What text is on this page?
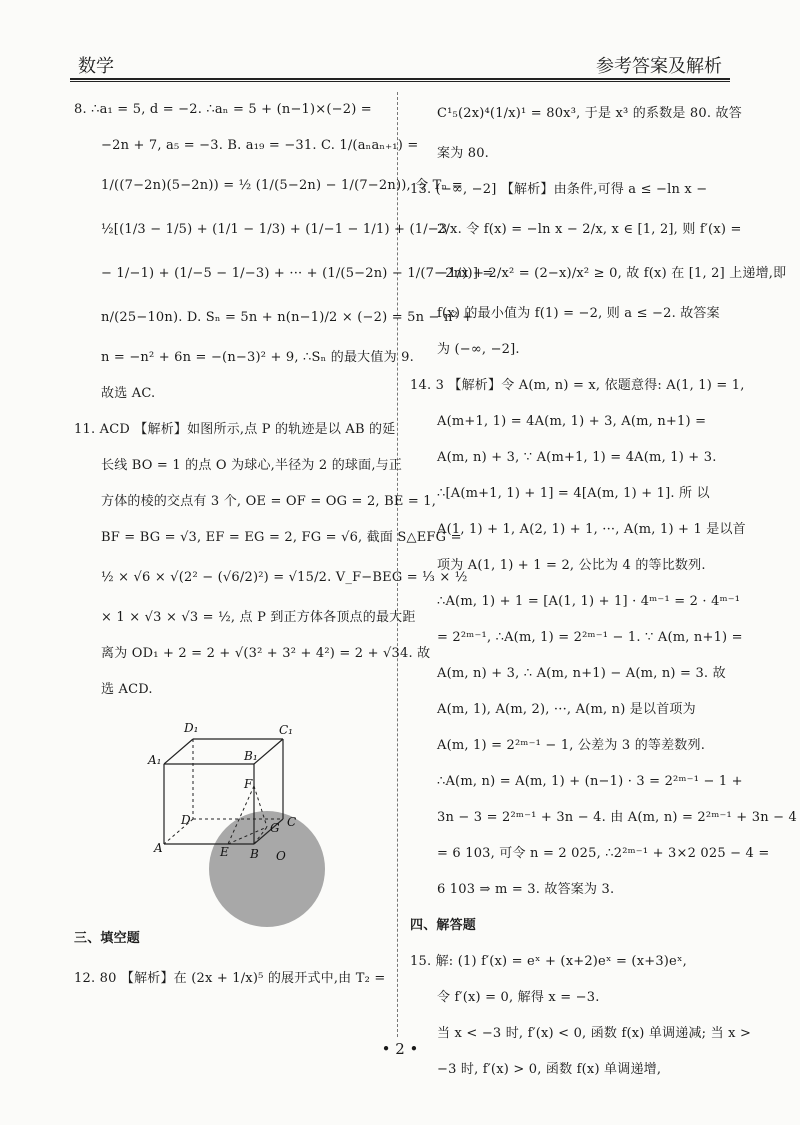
数学	参考答案及解析
8. ∴a₁ = 5, d = −2. ∴aₙ = 5 + (n−1)×(−2) =
−2n + 7, a₅ = −3. B. a₁₉ = −31. C. 1/(aₙaₙ₊₁) =
1/((7−2n)(5−2n)) = ½ (1/(5−2n) − 1/(7−2n)), 令 Tₙ =
½[(1/3 − 1/5) + (1/1 − 1/3) + (1/−1 − 1/1) + (1/−3
− 1/−1) + (1/−5 − 1/−3) + ··· + (1/(5−2n) − 1/(7−2n))] =
n/(25−10n). D. Sₙ = 5n + n(n−1)/2 × (−2) = 5n − n² +
n = −n² + 6n = −(n−3)² + 9, ∴Sₙ 的最大值为 9.
故选 AC.
11. ACD 【解析】如图所示,点 P 的轨迹是以 AB 的延
长线 BO = 1 的点 O 为球心,半径为 2 的球面,与正
方体的棱的交点有 3 个, OE = OF = OG = 2, BE = 1,
BF = BG = √3, EF = EG = 2, FG = √6, 截面 S△EFG =
½ × √6 × √(2² − (√6/2)²) = √15/2. V_F−BEG = ⅓ × ½
× 1 × √3 × √3 = ½, 点 P 到正方体各顶点的最大距
离为 OD₁ + 2 = 2 + √(3² + 3² + 4²) = 2 + √34. 故
选 ACD.
D₁	C₁
A₁	B₁
F
D
G C
A	E B O
三、填空题
12. 80 【解析】在 (2x + 1/x)⁵ 的展开式中,由 T₂ =
C¹₅(2x)⁴(1/x)¹ = 80x³, 于是 x³ 的系数是 80. 故答
案为 80.
13. (−∞, −2] 【解析】由条件,可得 a ≤ −ln x −
2/x. 令 f(x) = −ln x − 2/x, x ∈ [1, 2], 则 f′(x) =
−1/x + 2/x² = (2−x)/x² ≥ 0, 故 f(x) 在 [1, 2] 上递增,即
f(x) 的最小值为 f(1) = −2, 则 a ≤ −2. 故答案
为 (−∞, −2].
14. 3 【解析】令 A(m, n) = x, 依题意得: A(1, 1) = 1,
A(m+1, 1) = 4A(m, 1) + 3, A(m, n+1) =
A(m, n) + 3, ∵ A(m+1, 1) = 4A(m, 1) + 3.
∴[A(m+1, 1) + 1] = 4[A(m, 1) + 1]. 所 以
A(1, 1) + 1, A(2, 1) + 1, ···, A(m, 1) + 1 是以首
项为 A(1, 1) + 1 = 2, 公比为 4 的等比数列.
∴A(m, 1) + 1 = [A(1, 1) + 1] · 4ᵐ⁻¹ = 2 · 4ᵐ⁻¹
= 2²ᵐ⁻¹, ∴A(m, 1) = 2²ᵐ⁻¹ − 1. ∵ A(m, n+1) =
A(m, n) + 3, ∴ A(m, n+1) − A(m, n) = 3. 故
A(m, 1), A(m, 2), ···, A(m, n) 是以首项为
A(m, 1) = 2²ᵐ⁻¹ − 1, 公差为 3 的等差数列.
∴A(m, n) = A(m, 1) + (n−1) · 3 = 2²ᵐ⁻¹ − 1 +
3n − 3 = 2²ᵐ⁻¹ + 3n − 4. 由 A(m, n) = 2²ᵐ⁻¹ + 3n − 4
= 6 103, 可令 n = 2 025, ∴2²ᵐ⁻¹ + 3×2 025 − 4 =
6 103 ⇒ m = 3. 故答案为 3.
四、解答题
15. 解: (1) f′(x) = eˣ + (x+2)eˣ = (x+3)eˣ,
令 f′(x) = 0, 解得 x = −3.
当 x < −3 时, f′(x) < 0, 函数 f(x) 单调递减; 当 x >
−3 时, f′(x) > 0, 函数 f(x) 单调递增,
• 2 •
